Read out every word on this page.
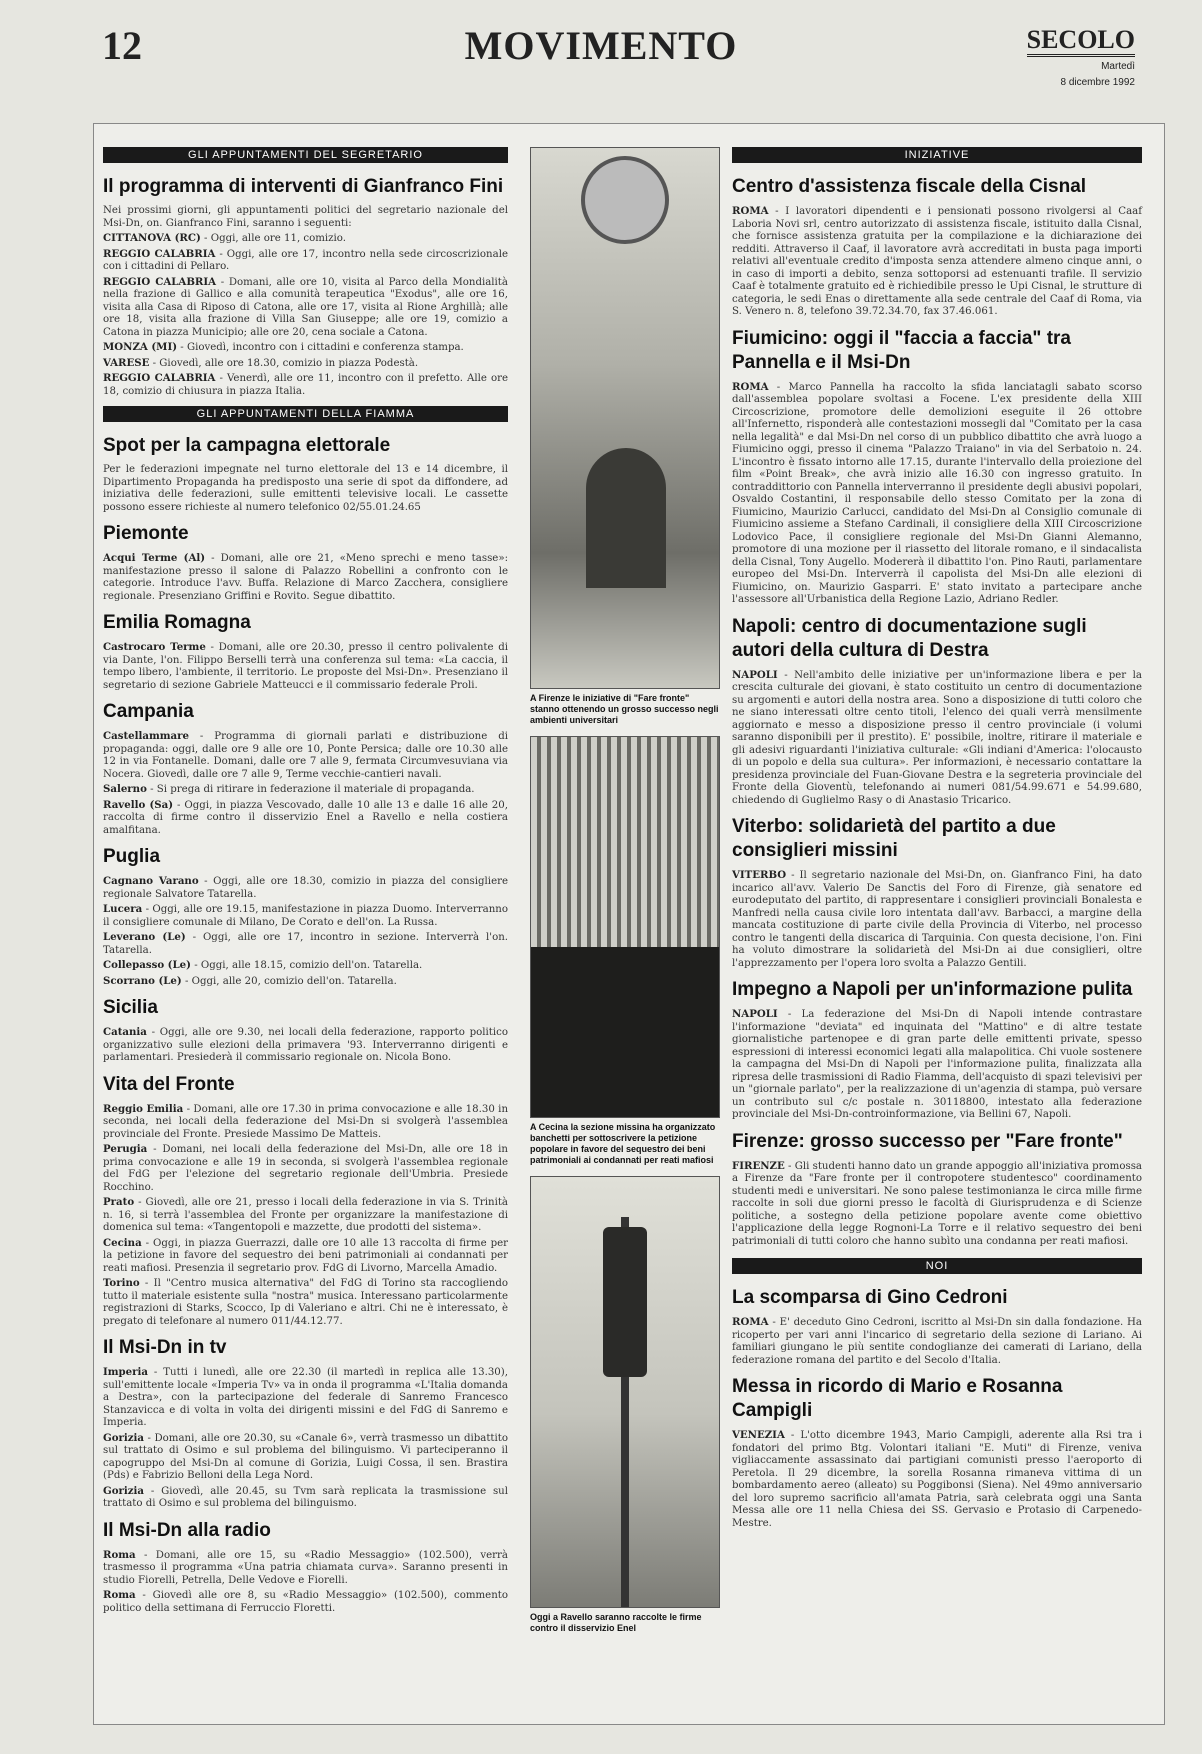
12	MOVIMENTO	SECOLO
Martedì
8 dicembre 1992
GLI APPUNTAMENTI DEL SEGRETARIO
Il programma di interventi di Gianfranco Fini

Nei prossimi giorni, gli appuntamenti politici del segretario nazionale del Msi-Dn, on. Gianfranco Fini, saranno i seguenti:

CITTANOVA (RC) - Oggi, alle ore 11, comizio.

REGGIO CALABRIA - Oggi, alle ore 17, incontro nella sede circoscrizionale con i cittadini di Pellaro.

REGGIO CALABRIA - Domani, alle ore 10, visita al Parco della Mondialità nella frazione di Gallico e alla comunità terapeutica "Exodus", alle ore 16, visita alla Casa di Riposo di Catona, alle ore 17, visita al Rione Arghillà; alle ore 18, visita alla frazione di Villa San Giuseppe; alle ore 19, comizio a Catona in piazza Municipio; alle ore 20, cena sociale a Catona.

MONZA (MI) - Giovedì, incontro con i cittadini e conferenza stampa.

VARESE - Giovedì, alle ore 18.30, comizio in piazza Podestà.

REGGIO CALABRIA - Venerdì, alle ore 11, incontro con il prefetto. Alle ore 18, comizio di chiusura in piazza Italia.

GLI APPUNTAMENTI DELLA FIAMMA
Spot per la campagna elettorale

Per le federazioni impegnate nel turno elettorale del 13 e 14 dicembre, il Dipartimento Propaganda ha predisposto una serie di spot da diffondere, ad iniziativa delle federazioni, sulle emittenti televisive locali. Le cassette possono essere richieste al numero telefonico 02/55.01.24.65

Piemonte

Acqui Terme (Al) - Domani, alle ore 21, «Meno sprechi e meno tasse»: manifestazione presso il salone di Palazzo Robellini a confronto con le categorie. Introduce l'avv. Buffa. Relazione di Marco Zacchera, consigliere regionale. Presenziano Griffini e Rovito. Segue dibattito.

Emilia Romagna

Castrocaro Terme - Domani, alle ore 20.30, presso il centro polivalente di via Dante, l'on. Filippo Berselli terrà una conferenza sul tema: «La caccia, il tempo libero, l'ambiente, il territorio. Le proposte del Msi-Dn». Presenziano il segretario di sezione Gabriele Matteucci e il commissario federale Proli.

Campania

Castellammare - Programma di giornali parlati e distribuzione di propaganda: oggi, dalle ore 9 alle ore 10, Ponte Persica; dalle ore 10.30 alle 12 in via Fontanelle. Domani, dalle ore 7 alle 9, fermata Circumvesuviana via Nocera. Giovedì, dalle ore 7 alle 9, Terme vecchie-cantieri navali.

Salerno - Si prega di ritirare in federazione il materiale di propaganda.

Ravello (Sa) - Oggi, in piazza Vescovado, dalle 10 alle 13 e dalle 16 alle 20, raccolta di firme contro il disservizio Enel a Ravello e nella costiera amalfitana.

Puglia

Cagnano Varano - Oggi, alle ore 18.30, comizio in piazza del consigliere regionale Salvatore Tatarella.

Lucera - Oggi, alle ore 19.15, manifestazione in piazza Duomo. Interverranno il consigliere comunale di Milano, De Corato e dell'on. La Russa.

Leverano (Le) - Oggi, alle ore 17, incontro in sezione. Interverrà l'on. Tatarella.

Collepasso (Le) - Oggi, alle 18.15, comizio dell'on. Tatarella.

Scorrano (Le) - Oggi, alle 20, comizio dell'on. Tatarella.

Sicilia

Catania - Oggi, alle ore 9.30, nei locali della federazione, rapporto politico organizzativo sulle elezioni della primavera '93. Interverranno dirigenti e parlamentari. Presiederà il commissario regionale on. Nicola Bono.

Vita del Fronte

Reggio Emilia - Domani, alle ore 17.30 in prima convocazione e alle 18.30 in seconda, nei locali della federazione del Msi-Dn si svolgerà l'assemblea provinciale del Fronte. Presiede Massimo De Matteis.

Perugia - Domani, nei locali della federazione del Msi-Dn, alle ore 18 in prima convocazione e alle 19 in seconda, si svolgerà l'assemblea regionale del FdG per l'elezione del segretario regionale dell'Umbria. Presiede Rocchino.

Prato - Giovedì, alle ore 21, presso i locali della federazione in via S. Trinità n. 16, si terrà l'assemblea del Fronte per organizzare la manifestazione di domenica sul tema: «Tangentopoli e mazzette, due prodotti del sistema».

Cecina - Oggi, in piazza Guerrazzi, dalle ore 10 alle 13 raccolta di firme per la petizione in favore del sequestro dei beni patrimoniali ai condannati per reati mafiosi. Presenzia il segretario prov. FdG di Livorno, Marcella Amadio.

Torino - Il "Centro musica alternativa" del FdG di Torino sta raccogliendo tutto il materiale esistente sulla "nostra" musica. Interessano particolarmente registrazioni di Starks, Scocco, Ip di Valeriano e altri. Chi ne è interessato, è pregato di telefonare al numero 011/44.12.77.

Il Msi-Dn in tv

Imperia - Tutti i lunedì, alle ore 22.30 (il martedì in replica alle 13.30), sull'emittente locale «Imperia Tv» va in onda il programma «L'Italia domanda a Destra», con la partecipazione del federale di Sanremo Francesco Stanzavicca e di volta in volta dei dirigenti missini e del FdG di Sanremo e Imperia.

Gorizia - Domani, alle ore 20.30, su «Canale 6», verrà trasmesso un dibattito sul trattato di Osimo e sul problema del bilinguismo. Vi parteciperanno il capogruppo del Msi-Dn al comune di Gorizia, Luigi Cossa, il sen. Brastira (Pds) e Fabrizio Belloni della Lega Nord.

Gorizia - Giovedì, alle 20.45, su Tvm sarà replicata la trasmissione sul trattato di Osimo e sul problema del bilinguismo.

Il Msi-Dn alla radio

Roma - Domani, alle ore 15, su «Radio Messaggio» (102.500), verrà trasmesso il programma «Una patria chiamata curva». Saranno presenti in studio Fiorelli, Petrella, Delle Vedove e Fiorelli.

Roma - Giovedì alle ore 8, su «Radio Messaggio» (102.500), commento politico della settimana di Ferruccio Floretti.

A Firenze le iniziative di "Fare fronte" stanno ottenendo un grosso successo negli ambienti universitari
A Cecina la sezione missina ha organizzato banchetti per sottoscrivere la petizione popolare in favore del sequestro dei beni patrimoniali ai condannati per reati mafiosi
Oggi a Ravello saranno raccolte le firme contro il disservizio Enel
INIZIATIVE
Centro d'assistenza fiscale della Cisnal

ROMA - I lavoratori dipendenti e i pensionati possono rivolgersi al Caaf Laboria Novi srl, centro autorizzato di assistenza fiscale, istituito dalla Cisnal, che fornisce assistenza gratuita per la compilazione e la dichiarazione dei redditi. Attraverso il Caaf, il lavoratore avrà accreditati in busta paga importi relativi all'eventuale credito d'imposta senza attendere almeno cinque anni, o in caso di importi a debito, senza sottoporsi ad estenuanti trafile. Il servizio Caaf è totalmente gratuito ed è richiedibile presso le Upi Cisnal, le strutture di categoria, le sedi Enas o direttamente alla sede centrale del Caaf di Roma, via S. Venero n. 8, telefono 39.72.34.70, fax 37.46.061.

Fiumicino: oggi il "faccia a faccia" tra Pannella e il Msi-Dn

ROMA - Marco Pannella ha raccolto la sfida lanciatagli sabato scorso dall'assemblea popolare svoltasi a Focene. L'ex presidente della XIII Circoscrizione, promotore delle demolizioni eseguite il 26 ottobre all'Infernetto, risponderà alle contestazioni mossegli dal "Comitato per la casa nella legalità" e dal Msi-Dn nel corso di un pubblico dibattito che avrà luogo a Fiumicino oggi, presso il cinema "Palazzo Traiano" in via del Serbatoio n. 24. L'incontro è fissato intorno alle 17.15, durante l'intervallo della proiezione del film «Point Break», che avrà inizio alle 16.30 con ingresso gratuito. In contraddittorio con Pannella interverranno il presidente degli abusivi popolari, Osvaldo Costantini, il responsabile dello stesso Comitato per la zona di Fiumicino, Maurizio Carlucci, candidato del Msi-Dn al Consiglio comunale di Fiumicino assieme a Stefano Cardinali, il consigliere della XIII Circoscrizione Lodovico Pace, il consigliere regionale del Msi-Dn Gianni Alemanno, promotore di una mozione per il riassetto del litorale romano, e il sindacalista della Cisnal, Tony Augello. Modererà il dibattito l'on. Pino Rauti, parlamentare europeo del Msi-Dn. Interverrà il capolista del Msi-Dn alle elezioni di Fiumicino, on. Maurizio Gasparri. E' stato invitato a partecipare anche l'assessore all'Urbanistica della Regione Lazio, Adriano Redler.

Napoli: centro di documentazione sugli autori della cultura di Destra

NAPOLI - Nell'ambito delle iniziative per un'informazione libera e per la crescita culturale dei giovani, è stato costituito un centro di documentazione su argomenti e autori della nostra area. Sono a disposizione di tutti coloro che ne siano interessati oltre cento titoli, l'elenco dei quali verrà mensilmente aggiornato e messo a disposizione presso il centro provinciale (i volumi saranno disponibili per il prestito). E' possibile, inoltre, ritirare il materiale e gli adesivi riguardanti l'iniziativa culturale: «Gli indiani d'America: l'olocausto di un popolo e della sua cultura». Per informazioni, è necessario contattare la presidenza provinciale del Fuan-Giovane Destra e la segreteria provinciale del Fronte della Gioventù, telefonando ai numeri 081/54.99.671 e 54.99.680, chiedendo di Guglielmo Rasy o di Anastasio Tricarico.

Viterbo: solidarietà del partito a due consiglieri missini

VITERBO - Il segretario nazionale del Msi-Dn, on. Gianfranco Fini, ha dato incarico all'avv. Valerio De Sanctis del Foro di Firenze, già senatore ed eurodeputato del partito, di rappresentare i consiglieri provinciali Bonalesta e Manfredi nella causa civile loro intentata dall'avv. Barbacci, a margine della mancata costituzione di parte civile della Provincia di Viterbo, nel processo contro le tangenti della discarica di Tarquinia. Con questa decisione, l'on. Fini ha voluto dimostrare la solidarietà del Msi-Dn ai due consiglieri, oltre l'apprezzamento per l'opera loro svolta a Palazzo Gentili.

Impegno a Napoli per un'informazione pulita

NAPOLI - La federazione del Msi-Dn di Napoli intende contrastare l'informazione "deviata" ed inquinata del "Mattino" e di altre testate giornalistiche partenopee e di gran parte delle emittenti private, spesso espressioni di interessi economici legati alla malapolitica. Chi vuole sostenere la campagna del Msi-Dn di Napoli per l'informazione pulita, finalizzata alla ripresa delle trasmissioni di Radio Fiamma, dell'acquisto di spazi televisivi per un "giornale parlato", per la realizzazione di un'agenzia di stampa, può versare un contributo sul c/c postale n. 30118800, intestato alla federazione provinciale del Msi-Dn-controinformazione, via Bellini 67, Napoli.

Firenze: grosso successo per "Fare fronte"

FIRENZE - Gli studenti hanno dato un grande appoggio all'iniziativa promossa a Firenze da "Fare fronte per il contropotere studentesco" coordinamento studenti medi e universitari. Ne sono palese testimonianza le circa mille firme raccolte in soli due giorni presso le facoltà di Giurisprudenza e di Scienze politiche, a sostegno della petizione popolare avente come obiettivo l'applicazione della legge Rognoni-La Torre e il relativo sequestro dei beni patrimoniali di tutti coloro che hanno subìto una condanna per reati mafiosi.

NOI
La scomparsa di Gino Cedroni

ROMA - E' deceduto Gino Cedroni, iscritto al Msi-Dn sin dalla fondazione. Ha ricoperto per vari anni l'incarico di segretario della sezione di Lariano. Ai familiari giungano le più sentite condoglianze dei camerati di Lariano, della federazione romana del partito e del Secolo d'Italia.

Messa in ricordo di Mario e Rosanna Campigli

VENEZIA - L'otto dicembre 1943, Mario Campigli, aderente alla Rsi tra i fondatori del primo Btg. Volontari italiani "E. Muti" di Firenze, veniva vigliaccamente assassinato dai partigiani comunisti presso l'aeroporto di Peretola. Il 29 dicembre, la sorella Rosanna rimaneva vittima di un bombardamento aereo (alleato) su Poggibonsi (Siena). Nel 49mo anniversario del loro supremo sacrificio all'amata Patria, sarà celebrata oggi una Santa Messa alle ore 11 nella Chiesa dei SS. Gervasio e Protasio di Carpenedo-Mestre.
